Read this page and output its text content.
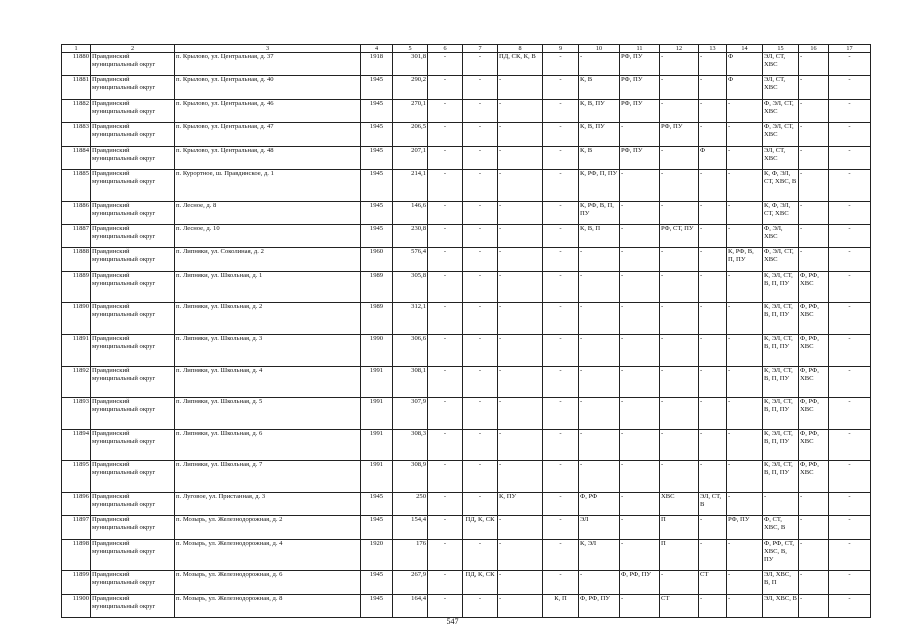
1	2	3	4	5	6	7	8	9	10	11	12	13	14	15	16	17
11880	Правдинский муниципальный округ	п. Крылово, ул. Центральная, д. 37	1918	301,8	-	-	ПД, СК, К, В	-	-	РФ, ПУ	-	-	Ф	ЭЛ, СТ, ХВС	-	-
11881	Правдинский муниципальный округ	п. Крылово, ул. Центральная, д. 40	1945	290,2	-	-	-	-	К, В	РФ, ПУ	-	-	Ф	ЭЛ, СТ, ХВС	-	-
11882	Правдинский муниципальный округ	п. Крылово, ул. Центральная, д. 46	1945	270,1	-	-	-	-	К, В, ПУ	РФ, ПУ	-	-	-	Ф, ЭЛ, СТ, ХВС	-	-
11883	Правдинский муниципальный округ	п. Крылово, ул. Центральная, д. 47	1945	206,5	-	-	-	-	К, В, ПУ	-	РФ, ПУ	-	-	Ф, ЭЛ, СТ, ХВС	-	-
11884	Правдинский муниципальный округ	п. Крылово, ул. Центральная, д. 48	1945	207,1	-	-	-	-	К, В	РФ, ПУ	-	Ф	-	ЭЛ, СТ, ХВС	-	-
11885	Правдинский муниципальный округ	п. Курортное, ш. Правдинское, д. 1	1945	214,1	-	-	-	-	К, РФ, П, ПУ	-	-	-	-	К, Ф, ЭЛ, СТ, ХВС, В	-	-
11886	Правдинский муниципальный округ	п. Лесное, д. 8	1945	146,6	-	-	-	-	К, РФ, В, П, ПУ	-	-	-	-	К, Ф, ЭЛ, СТ, ХВС	-	-
11887	Правдинский муниципальный округ	п. Лесное, д. 10	1945	230,8	-	-	-	-	К, В, П	-	РФ, СТ, ПУ	-	-	Ф, ЭЛ, ХВС	-	-
11888	Правдинский муниципальный округ	п. Липняки, ул. Соколиная, д. 2	1960	576,4	-	-	-	-	-	-	-	-	К, РФ, В, П, ПУ	Ф, ЭЛ, СТ, ХВС	-	-
11889	Правдинский муниципальный округ	п. Липняки, ул. Школьная, д. 1	1989	305,8	-	-	-	-	-	-	-	-	-	К, ЭЛ, СТ, В, П, ПУ	Ф, РФ, ХВС	-
11890	Правдинский муниципальный округ	п. Липняки, ул. Школьная, д. 2	1989	312,1	-	-	-	-	-	-	-	-	-	К, ЭЛ, СТ, В, П, ПУ	Ф, РФ, ХВС	-
11891	Правдинский муниципальный округ	п. Липняки, ул. Школьная, д. 3	1990	306,6	-	-	-	-	-	-	-	-	-	К, ЭЛ, СТ, В, П, ПУ	Ф, РФ, ХВС	-
11892	Правдинский муниципальный округ	п. Липняки, ул. Школьная, д. 4	1991	308,1	-	-	-	-	-	-	-	-	-	К, ЭЛ, СТ, В, П, ПУ	Ф, РФ, ХВС	-
11893	Правдинский муниципальный округ	п. Липняки, ул. Школьная, д. 5	1991	307,9	-	-	-	-	-	-	-	-	-	К, ЭЛ, СТ, В, П, ПУ	Ф, РФ, ХВС	-
11894	Правдинский муниципальный округ	п. Липняки, ул. Школьная, д. 6	1991	308,3	-	-	-	-	-	-	-	-	-	К, ЭЛ, СТ, В, П, ПУ	Ф, РФ, ХВС	-
11895	Правдинский муниципальный округ	п. Липняки, ул. Школьная, д. 7	1991	308,9	-	-	-	-	-	-	-	-	-	К, ЭЛ, СТ, В, П, ПУ	Ф, РФ, ХВС	-
11896	Правдинский муниципальный округ	п. Луговое, ул. Пристанная, д. 3	1945	250	-	-	К, ПУ	-	Ф, РФ	-	ХВС	ЭЛ, СТ, В	-	-	-	-
11897	Правдинский муниципальный округ	п. Мозырь, ул. Железнодорожная, д. 2	1945	154,4	-	ПД, К, СК	-	-	ЭЛ	-	П	-	РФ, ПУ	Ф, СТ, ХВС, В	-	-
11898	Правдинский муниципальный округ	п. Мозырь, ул. Железнодорожная, д. 4	1920	176	-	-	-	-	К, ЭЛ	-	П	-	-	Ф, РФ, СТ, ХВС, В, ПУ	-	-
11899	Правдинский муниципальный округ	п. Мозырь, ул. Железнодорожная, д. 6	1945	267,9	-	ПД, К, СК	-	-	-	Ф, РФ, ПУ	-	СТ	-	ЭЛ, ХВС, В, П	-	-
11900	Правдинский муниципальный округ	п. Мозырь, ул. Железнодорожная, д. 8	1945	164,4	-	-	-	К, П	Ф, РФ, ПУ	-	СТ	-	-	ЭЛ, ХВС, В	-	-
547
